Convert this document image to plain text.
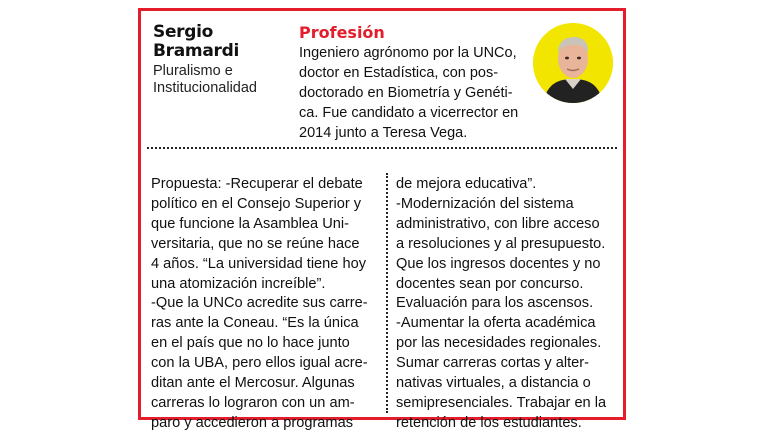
Sergio
Bramardi
Pluralismo e
Institucionalidad
Profesión
Ingeniero agrónomo por la UNCo,
doctor en Estadística, con pos-
doctorado en Biometría y Genéti-
ca. Fue candidato a vicerrector en
2014 junto a Teresa Vega.
Propuesta: -Recuperar el debate
político en el Consejo Superior y
que funcione la Asamblea Uni-
versitaria, que no se reúne hace
4 años. “La universidad tiene hoy
una atomización increíble”.
-Que la UNCo acredite sus carre-
ras ante la Coneau. “Es la única
en el país que no lo hace junto
con la UBA, pero ellos igual acre-
ditan ante el Mercosur. Algunas
carreras lo lograron con un am-
paro y accedieron a programas
de mejora educativa”.
-Modernización del sistema
administrativo, con libre acceso
a resoluciones y al presupuesto.
Que los ingresos docentes y no
docentes sean por concurso.
Evaluación para los ascensos.
-Aumentar la oferta académica
por las necesidades regionales.
Sumar carreras cortas y alter-
nativas virtuales, a distancia o
semipresenciales. Trabajar en la
retención de los estudiantes.
